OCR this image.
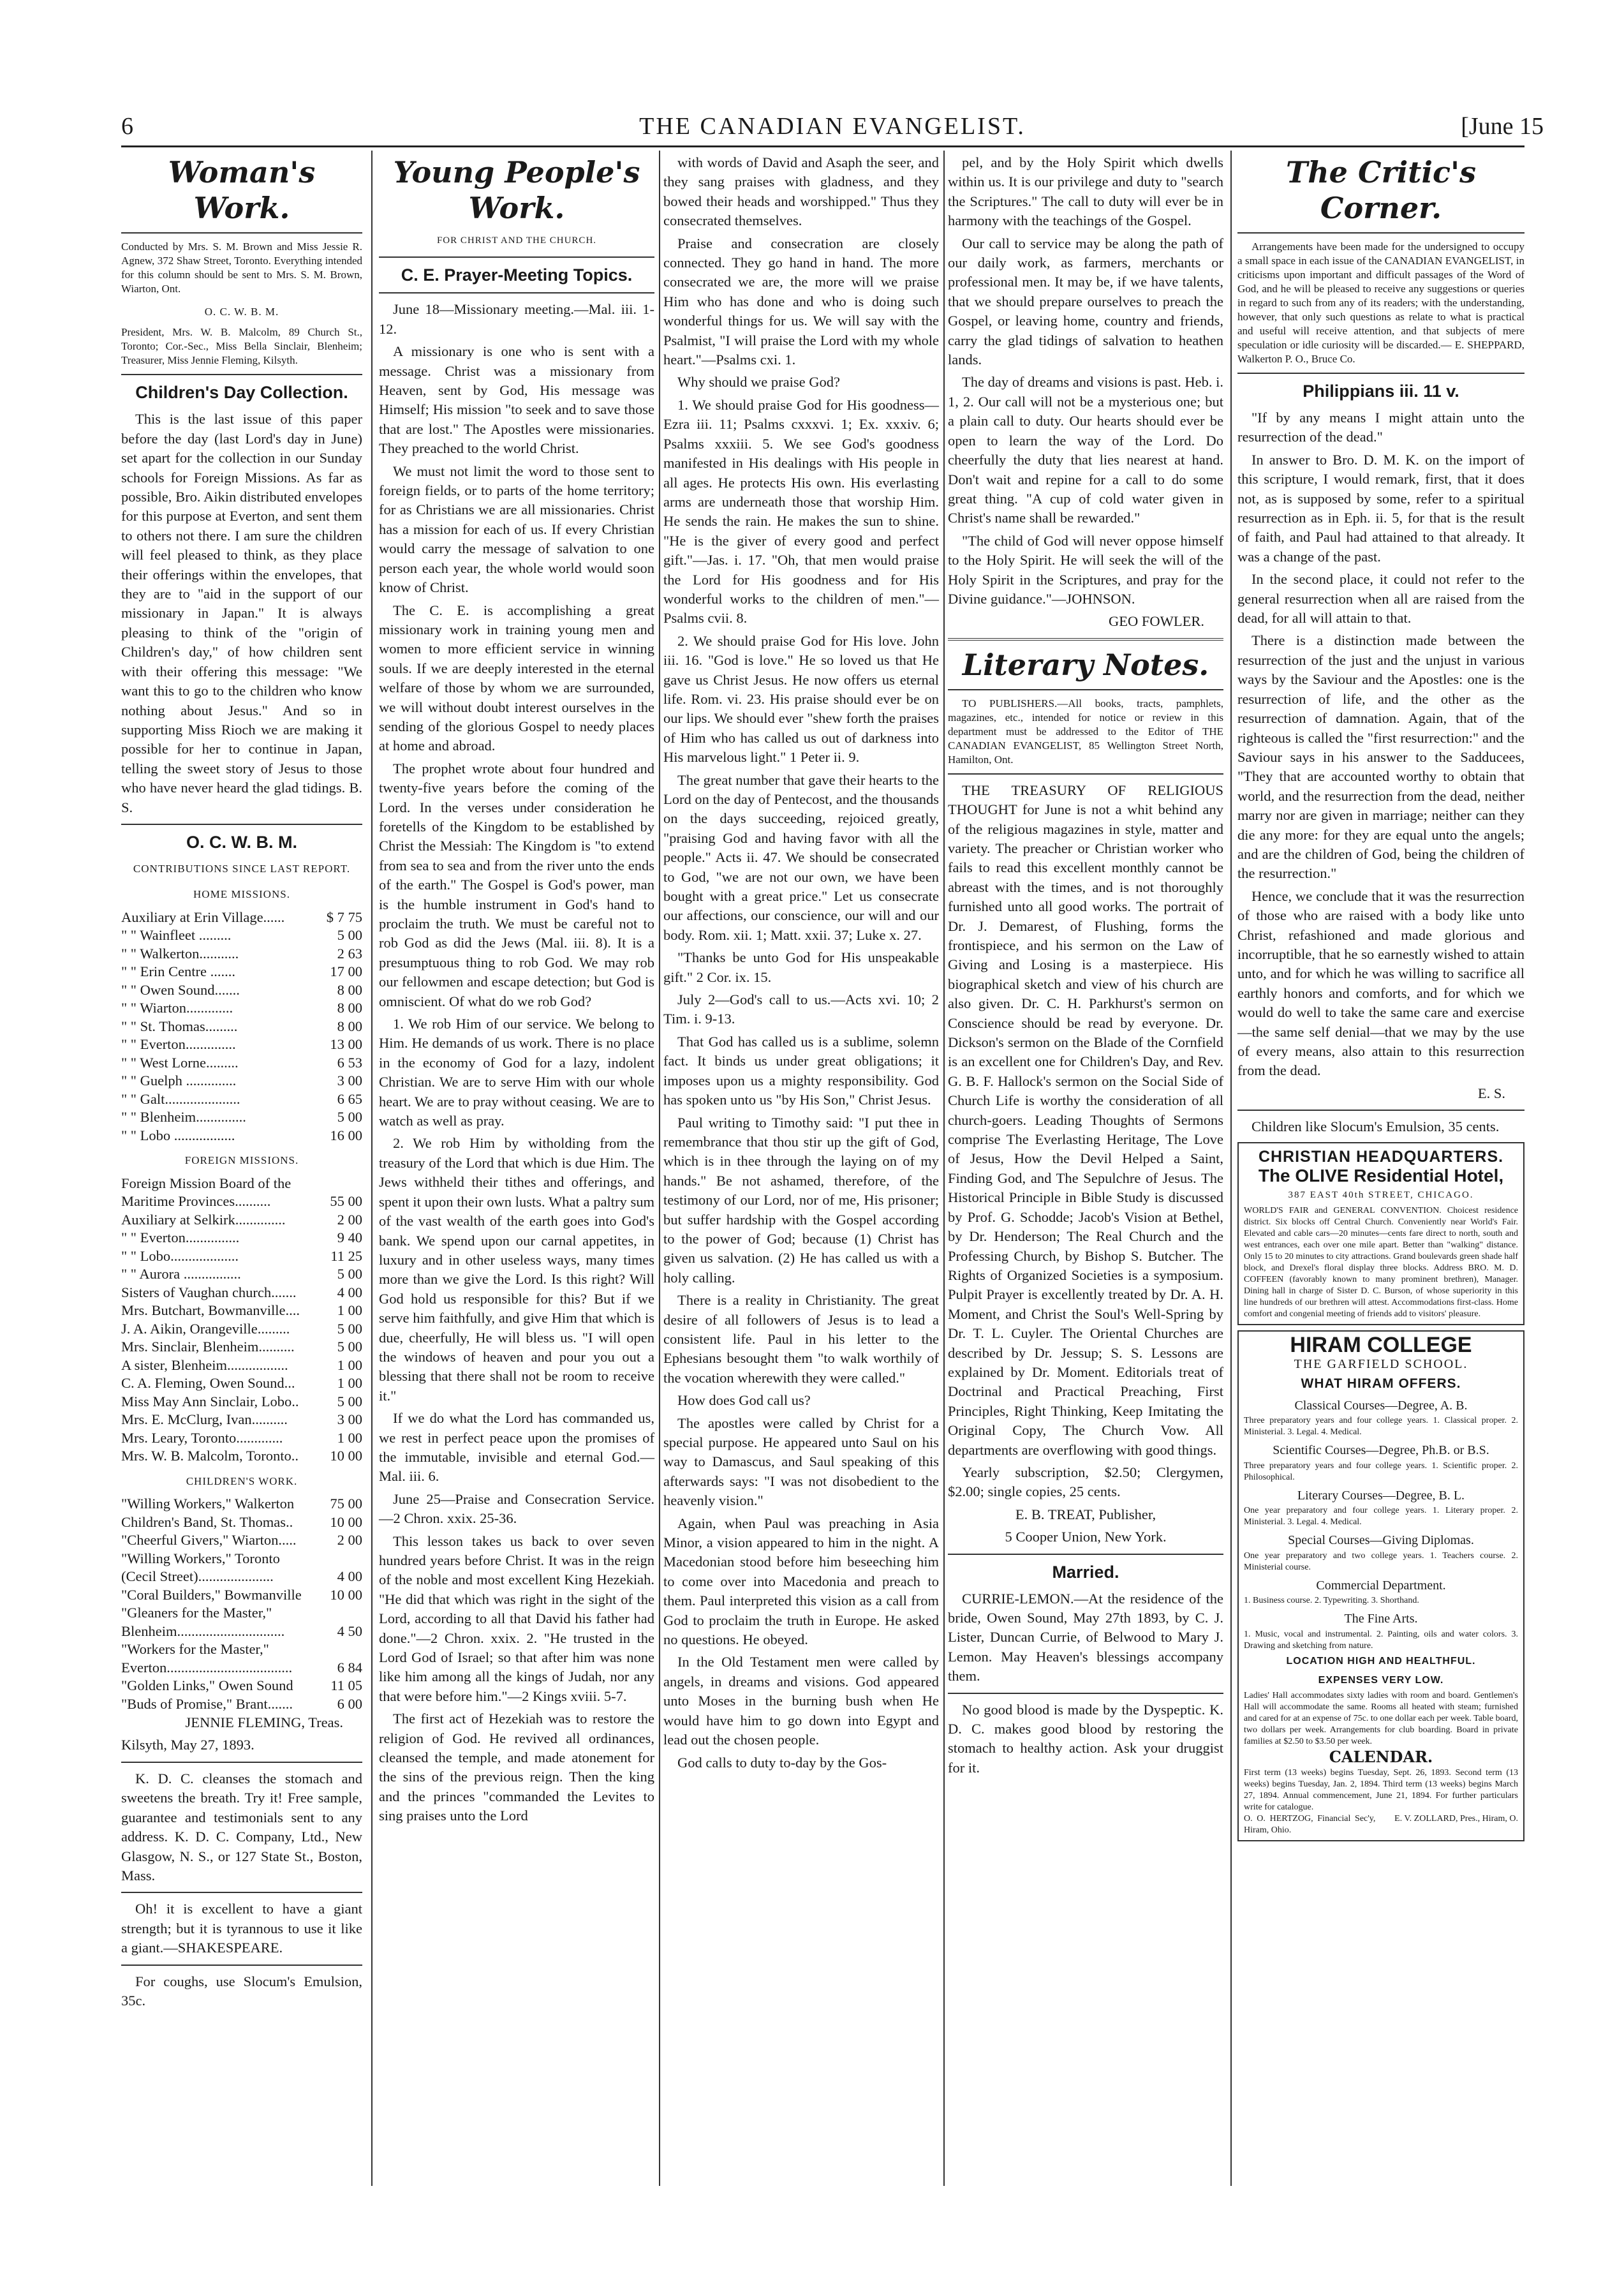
6	THE CANADIAN EVANGELIST.	[June 15
Woman's Work.

Conducted by Mrs. S. M. Brown and Miss Jessie R. Agnew, 372 Shaw Street, Toronto. Everything intended for this column should be sent to Mrs. S. M. Brown, Wiarton, Ont.

O. C. W. B. M.

President, Mrs. W. B. Malcolm, 89 Church St., Toronto; Cor.-Sec., Miss Bella Sinclair, Blenheim; Treasurer, Miss Jennie Fleming, Kilsyth.

Children's Day Collection.

This is the last issue of this paper before the day (last Lord's day in June) set apart for the collection in our Sunday schools for Foreign Missions. As far as possible, Bro. Aikin distributed envelopes for this purpose at Everton, and sent them to others not there. I am sure the children will feel pleased to think, as they place their offerings within the envelopes, that they are to "aid in the support of our missionary in Japan." It is always pleasing to think of the "origin of Children's day," of how children sent with their offering this message: "We want this to go to the children who know nothing about Jesus." And so in supporting Miss Rioch we are making it possible for her to continue in Japan, telling the sweet story of Jesus to those who have never heard the glad tidings. B. S.

O. C. W. B. M.
CONTRIBUTIONS SINCE LAST REPORT.
HOME MISSIONS.
Auxiliary at Erin Village......	$ 7 75
" " Wainfleet .........	5 00
" " Walkerton...........	2 63
" " Erin Centre .......	17 00
" " Owen Sound.......	8 00
" " Wiarton.............	8 00
" " St. Thomas.........	8 00
" " Everton..............	13 00
" " West Lorne.........	6 53
" " Guelph ..............	3 00
" " Galt.....................	6 65
" " Blenheim..............	5 00
" " Lobo .................	16 00
FOREIGN MISSIONS.
Foreign Mission Board of the
Maritime Provinces..........	55 00
Auxiliary at Selkirk..............	2 00
" " Everton...............	9 40
" " Lobo...................	11 25
" " Aurora ................	5 00
Sisters of Vaughan church.......	4 00
Mrs. Butchart, Bowmanville....	1 00
J. A. Aikin, Orangeville.........	5 00
Mrs. Sinclair, Blenheim..........	5 00
A sister, Blenheim.................	1 00
C. A. Fleming, Owen Sound...	1 00
Miss May Ann Sinclair, Lobo..	5 00
Mrs. E. McClurg, Ivan..........	3 00
Mrs. Leary, Toronto.............	1 00
Mrs. W. B. Malcolm, Toronto.. 10 00
CHILDREN'S WORK.
"Willing Workers," Walkerton	75 00
Children's Band, St. Thomas..	10 00
"Cheerful Givers," Wiarton.....	2 00
"Willing Workers," Toronto
(Cecil Street).....................	4 00
"Coral Builders," Bowmanville 10 00
"Gleaners for the Master,"
Blenheim..............................	4 50
"Workers for the Master,"
Everton...................................	6 84
"Golden Links," Owen Sound	11 05
"Buds of Promise," Brant.......	6 00

JENNIE FLEMING, Treas.

Kilsyth, May 27, 1893.

K. D. C. cleanses the stomach and sweetens the breath. Try it! Free sample, guarantee and testimonials sent to any address. K. D. C. Company, Ltd., New Glasgow, N. S., or 127 State St., Boston, Mass.

Oh! it is excellent to have a giant strength; but it is tyrannous to use it like a giant.—SHAKESPEARE.

For coughs, use Slocum's Emulsion, 35c.

Young People's Work.
FOR CHRIST AND THE CHURCH.
C. E. Prayer-Meeting Topics.

June 18—Missionary meeting.—Mal. iii. 1-12.

A missionary is one who is sent with a message. Christ was a missionary from Heaven, sent by God, His message was Himself; His mission "to seek and to save those that are lost." The Apostles were missionaries. They preached to the world Christ.

We must not limit the word to those sent to foreign fields, or to parts of the home territory; for as Christians we are all missionaries. Christ has a mission for each of us. If every Christian would carry the message of salvation to one person each year, the whole world would soon know of Christ.

The C. E. is accomplishing a great missionary work in training young men and women to more efficient service in winning souls. If we are deeply interested in the eternal welfare of those by whom we are surrounded, we will without doubt interest ourselves in the sending of the glorious Gospel to needy places at home and abroad.

The prophet wrote about four hundred and twenty-five years before the coming of the Lord. In the verses under consideration he foretells of the Kingdom to be established by Christ the Messiah: The Kingdom is "to extend from sea to sea and from the river unto the ends of the earth." The Gospel is God's power, man is the humble instrument in God's hand to proclaim the truth. We must be careful not to rob God as did the Jews (Mal. iii. 8). It is a presumptuous thing to rob God. We may rob our fellowmen and escape detection; but God is omniscient. Of what do we rob God?

1. We rob Him of our service. We belong to Him. He demands of us work. There is no place in the economy of God for a lazy, indolent Christian. We are to serve Him with our whole heart. We are to pray without ceasing. We are to watch as well as pray.

2. We rob Him by witholding from the treasury of the Lord that which is due Him. The Jews withheld their tithes and offerings, and spent it upon their own lusts. What a paltry sum of the vast wealth of the earth goes into God's bank. We spend upon our carnal appetites, in luxury and in other useless ways, many times more than we give the Lord. Is this right? Will God hold us responsible for this? But if we serve him faithfully, and give Him that which is due, cheerfully, He will bless us. "I will open the windows of heaven and pour you out a blessing that there shall not be room to receive it."

If we do what the Lord has commanded us, we rest in perfect peace upon the promises of the immutable, invisible and eternal God.—Mal. iii. 6.

June 25—Praise and Consecration Service.—2 Chron. xxix. 25-36.

This lesson takes us back to over seven hundred years before Christ. It was in the reign of the noble and most excellent King Hezekiah. "He did that which was right in the sight of the Lord, according to all that David his father had done."—2 Chron. xxix. 2. "He trusted in the Lord God of Israel; so that after him was none like him among all the kings of Judah, nor any that were before him."—2 Kings xviii. 5-7.

The first act of Hezekiah was to restore the religion of God. He revived all ordinances, cleansed the temple, and made atonement for the sins of the previous reign. Then the king and the princes "commanded the Levites to sing praises unto the Lord

with words of David and Asaph the seer, and they sang praises with gladness, and they bowed their heads and worshipped." Thus they consecrated themselves.

Praise and consecration are closely connected. They go hand in hand. The more consecrated we are, the more will we praise Him who has done and who is doing such wonderful things for us. We will say with the Psalmist, "I will praise the Lord with my whole heart."—Psalms cxi. 1.

Why should we praise God?

1. We should praise God for His goodness—Ezra iii. 11; Psalms cxxxvi. 1; Ex. xxxiv. 6; Psalms xxxiii. 5. We see God's goodness manifested in His dealings with His people in all ages. He protects His own. His everlasting arms are underneath those that worship Him. He sends the rain. He makes the sun to shine. "He is the giver of every good and perfect gift."—Jas. i. 17. "Oh, that men would praise the Lord for His goodness and for His wonderful works to the children of men."—Psalms cvii. 8.

2. We should praise God for His love. John iii. 16. "God is love." He so loved us that He gave us Christ Jesus. He now offers us eternal life. Rom. vi. 23. His praise should ever be on our lips. We should ever "shew forth the praises of Him who has called us out of darkness into His marvelous light." 1 Peter ii. 9.

The great number that gave their hearts to the Lord on the day of Pentecost, and the thousands on the days succeeding, rejoiced greatly, "praising God and having favor with all the people." Acts ii. 47. We should be consecrated to God, "we are not our own, we have been bought with a great price." Let us consecrate our affections, our conscience, our will and our body. Rom. xii. 1; Matt. xxii. 37; Luke x. 27.

"Thanks be unto God for His unspeakable gift." 2 Cor. ix. 15.

July 2—God's call to us.—Acts xvi. 10; 2 Tim. i. 9-13.

That God has called us is a sublime, solemn fact. It binds us under great obligations; it imposes upon us a mighty responsibility. God has spoken unto us "by His Son," Christ Jesus.

Paul writing to Timothy said: "I put thee in remembrance that thou stir up the gift of God, which is in thee through the laying on of my hands." Be not ashamed, therefore, of the testimony of our Lord, nor of me, His prisoner; but suffer hardship with the Gospel according to the power of God; because (1) Christ has given us salvation. (2) He has called us with a holy calling.

There is a reality in Christianity. The great desire of all followers of Jesus is to lead a consistent life. Paul in his letter to the Ephesians besought them "to walk worthily of the vocation wherewith they were called."

How does God call us?

The apostles were called by Christ for a special purpose. He appeared unto Saul on his way to Damascus, and Saul speaking of this afterwards says: "I was not disobedient to the heavenly vision."

Again, when Paul was preaching in Asia Minor, a vision appeared to him in the night. A Macedonian stood before him beseeching him to come over into Macedonia and preach to them. Paul interpreted this vision as a call from God to proclaim the truth in Europe. He asked no questions. He obeyed.

In the Old Testament men were called by angels, in dreams and visions. God appeared unto Moses in the burning bush when He would have him to go down into Egypt and lead out the chosen people.

God calls to duty to-day by the Gos-

pel, and by the Holy Spirit which dwells within us. It is our privilege and duty to "search the Scriptures." The call to duty will ever be in harmony with the teachings of the Gospel.

Our call to service may be along the path of our daily work, as farmers, merchants or professional men. It may be, if we have talents, that we should prepare ourselves to preach the Gospel, or leaving home, country and friends, carry the glad tidings of salvation to heathen lands.

The day of dreams and visions is past. Heb. i. 1, 2. Our call will not be a mysterious one; but a plain call to duty. Our hearts should ever be open to learn the way of the Lord. Do cheerfully the duty that lies nearest at hand. Don't wait and repine for a call to do some great thing. "A cup of cold water given in Christ's name shall be rewarded."

"The child of God will never oppose himself to the Holy Spirit. He will seek the will of the Holy Spirit in the Scriptures, and pray for the Divine guidance."—JOHNSON.

GEO FOWLER.

Literary Notes.

TO PUBLISHERS.—All books, tracts, pamphlets, magazines, etc., intended for notice or review in this department must be addressed to the Editor of THE CANADIAN EVANGELIST, 85 Wellington Street North, Hamilton, Ont.

THE TREASURY OF RELIGIOUS THOUGHT for June is not a whit behind any of the religious magazines in style, matter and variety. The preacher or Christian worker who fails to read this excellent monthly cannot be abreast with the times, and is not thoroughly furnished unto all good works. The portrait of Dr. J. Demarest, of Flushing, forms the frontispiece, and his sermon on the Law of Giving and Losing is a masterpiece. His biographical sketch and view of his church are also given. Dr. C. H. Parkhurst's sermon on Conscience should be read by everyone. Dr. Dickson's sermon on the Blade of the Cornfield is an excellent one for Children's Day, and Rev. G. B. F. Hallock's sermon on the Social Side of Church Life is worthy the consideration of all church-goers. Leading Thoughts of Sermons comprise The Everlasting Heritage, The Love of Jesus, How the Devil Helped a Saint, Finding God, and The Sepulchre of Jesus. The Historical Principle in Bible Study is discussed by Prof. G. Schodde; Jacob's Vision at Bethel, by Dr. Henderson; The Real Church and the Professing Church, by Bishop S. Butcher. The Rights of Organized Societies is a symposium. Pulpit Prayer is excellently treated by Dr. A. H. Moment, and Christ the Soul's Well-Spring by Dr. T. L. Cuyler. The Oriental Churches are described by Dr. Jessup; S. S. Lessons are explained by Dr. Moment. Editorials treat of Doctrinal and Practical Preaching, First Principles, Right Thinking, Keep Imitating the Original Copy, The Church Vow. All departments are overflowing with good things.

Yearly subscription, $2.50; Clergymen, $2.00; single copies, 25 cents.

E. B. TREAT, Publisher,

5 Cooper Union, New York.

Married.

CURRIE-LEMON.—At the residence of the bride, Owen Sound, May 27th 1893, by C. J. Lister, Duncan Currie, of Belwood to Mary J. Lemon. May Heaven's blessings accompany them.

No good blood is made by the Dyspeptic. K. D. C. makes good blood by restoring the stomach to healthy action. Ask your druggist for it.

The Critic's Corner.

Arrangements have been made for the undersigned to occupy a small space in each issue of the CANADIAN EVANGELIST, in criticisms upon important and difficult passages of the Word of God, and he will be pleased to receive any suggestions or queries in regard to such from any of its readers; with the understanding, however, that only such questions as relate to what is practical and useful will receive attention, and that subjects of mere speculation or idle curiosity will be discarded.— E. SHEPPARD, Walkerton P. O., Bruce Co.

Philippians iii. 11 v.

"If by any means I might attain unto the resurrection of the dead."

In answer to Bro. D. M. K. on the import of this scripture, I would remark, first, that it does not, as is supposed by some, refer to a spiritual resurrection as in Eph. ii. 5, for that is the result of faith, and Paul had attained to that already. It was a change of the past.

In the second place, it could not refer to the general resurrection when all are raised from the dead, for all will attain to that.

There is a distinction made between the resurrection of the just and the unjust in various ways by the Saviour and the Apostles: one is the resurrection of life, and the other as the resurrection of damnation. Again, that of the righteous is called the "first resurrection:" and the Saviour says in his answer to the Sadducees, "They that are accounted worthy to obtain that world, and the resurrection from the dead, neither marry nor are given in marriage; neither can they die any more: for they are equal unto the angels; and are the children of God, being the children of the resurrection."

Hence, we conclude that it was the resurrection of those who are raised with a body like unto Christ, refashioned and made glorious and incorruptible, that he so earnestly wished to attain unto, and for which he was willing to sacrifice all earthly honors and comforts, and for which we would do well to take the same care and exercise —the same self denial—that we may by the use of every means, also attain to this resurrection from the dead.

E. S.

Children like Slocum's Emulsion, 35 cents.

CHRISTIAN HEADQUARTERS.
The OLIVE Residential Hotel,
387 EAST 40th STREET, CHICAGO.
WORLD'S FAIR and GENERAL CONVENTION. Choicest residence district. Six blocks off Central Church. Conveniently near World's Fair. Elevated and cable cars—20 minutes—cents fare direct to north, south and west entrances, each over one mile apart. Better than "walking" distance. Only 15 to 20 minutes to city attractions. Grand boulevards green shade half block, and Drexel's floral display three blocks. Address BRO. M. D. COFFEEN (favorably known to many prominent brethren), Manager. Dining hall in charge of Sister D. C. Burson, of whose superiority in this line hundreds of our brethren will attest. Accommodations first-class. Home comfort and congenial meeting of friends add to visitors' pleasure.
HIRAM COLLEGE
THE GARFIELD SCHOOL.
WHAT HIRAM OFFERS.
Classical Courses—Degree, A. B.
Three preparatory years and four college years. 1. Classical proper. 2. Ministerial. 3. Legal. 4. Medical.
Scientific Courses—Degree, Ph.B. or B.S.
Three preparatory years and four college years. 1. Scientific proper. 2. Philosophical.
Literary Courses—Degree, B. L.
One year preparatory and four college years. 1. Literary proper. 2. Ministerial. 3. Legal. 4. Medical.
Special Courses—Giving Diplomas.
One year preparatory and two college years. 1. Teachers course. 2. Ministerial course.
Commercial Department.
1. Business course. 2. Typewriting. 3. Shorthand.
The Fine Arts.
1. Music, vocal and instrumental. 2. Painting, oils and water colors. 3. Drawing and sketching from nature.
LOCATION HIGH AND HEALTHFUL.
EXPENSES VERY LOW.
Ladies' Hall accommodates sixty ladies with room and board. Gentlemen's Hall will accommodate the same. Rooms all heated with steam; furnished and cared for at an expense of 75c. to one dollar each per week. Table board, two dollars per week. Arrangements for club boarding. Board in private families at $2.50 to $3.50 per week.
CALENDAR.
First term (13 weeks) begins Tuesday, Sept. 26, 1893. Second term (13 weeks) begins Tuesday, Jan. 2, 1894. Third term (13 weeks) begins March 27, 1894. Annual commencement, June 21, 1894. For further particulars write for catalogue.
O. O. HERTZOG, Financial Sec'y, Hiram, Ohio.
E. V. ZOLLARD, Pres., Hiram, O.
